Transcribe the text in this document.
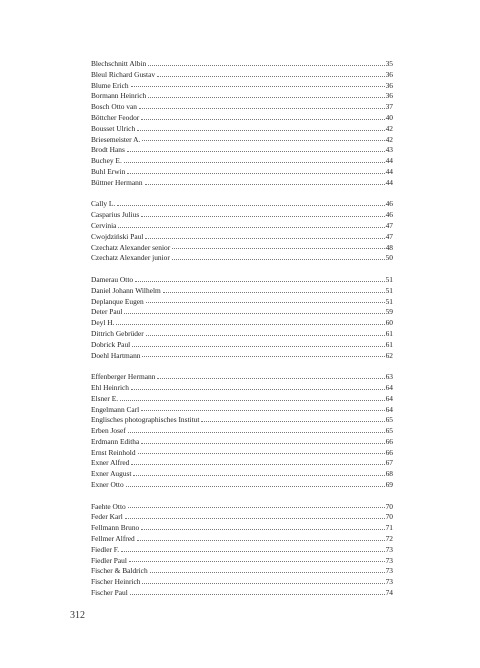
Blechschnitt Albin	35
Bleul Richard Gustav	36
Blume Erich	36
Bormann Heinrich	36
Bosch Otto van	37
Böttcher Feodor	40
Bousset Ulrich	42
Briesemeister A.	42
Brodt Hans	43
Buchey E.	44
Buhl Erwin	44
Büttner Hermann	44
Cally L.	46
Casparius Julius	46
Cervinia	47
Cwojdziński Paul	47
Czechatz Alexander senior	48
Czechatz Alexander junior	50
Damerau Otto	51
Daniel Johann Wilhelm	51
Deplanque Eugen	51
Deter Paul	59
Deyl H.	60
Dittrich Gebrüder	61
Dobrick Paul	61
Doehl Hartmann	62
Effenberger Hermann	63
Ehl Heinrich	64
Elsner E.	64
Engelmann Carl	64
Englisches photographisches Institut	65
Erben Josef	65
Erdmann Editha	66
Ernst Reinhold	66
Exner Alfred	67
Exner August	68
Exner Otto	69
Faehte Otto	70
Feder Karl	70
Fellmann Bruno	71
Fellmer Alfred	72
Fiedler F.	73
Fiedler Paul	73
Fischer & Baldrich	73
Fischer Heinrich	73
Fischer Paul	74
312
